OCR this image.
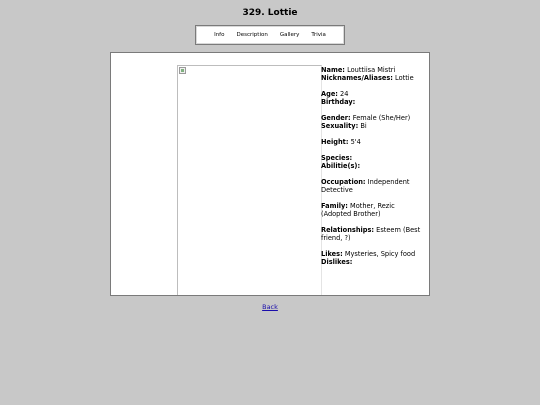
329. Lottie
Info	Description	Gallery	Trivia

Name: Louttiisa Mistri

Nicknames/Aliases: Lottie

Age: 24

Birthday:

Gender: Female (She/Her)

Sexuality: Bi

Height: 5'4

Species:

Abilitie(s):

Occupation: Independent Detective

Family: Mother, Rezic (Adopted Brother)

Relationships: Esteem (Best friend, ?)

Likes: Mysteries, Spicy food

Dislikes:

Back
